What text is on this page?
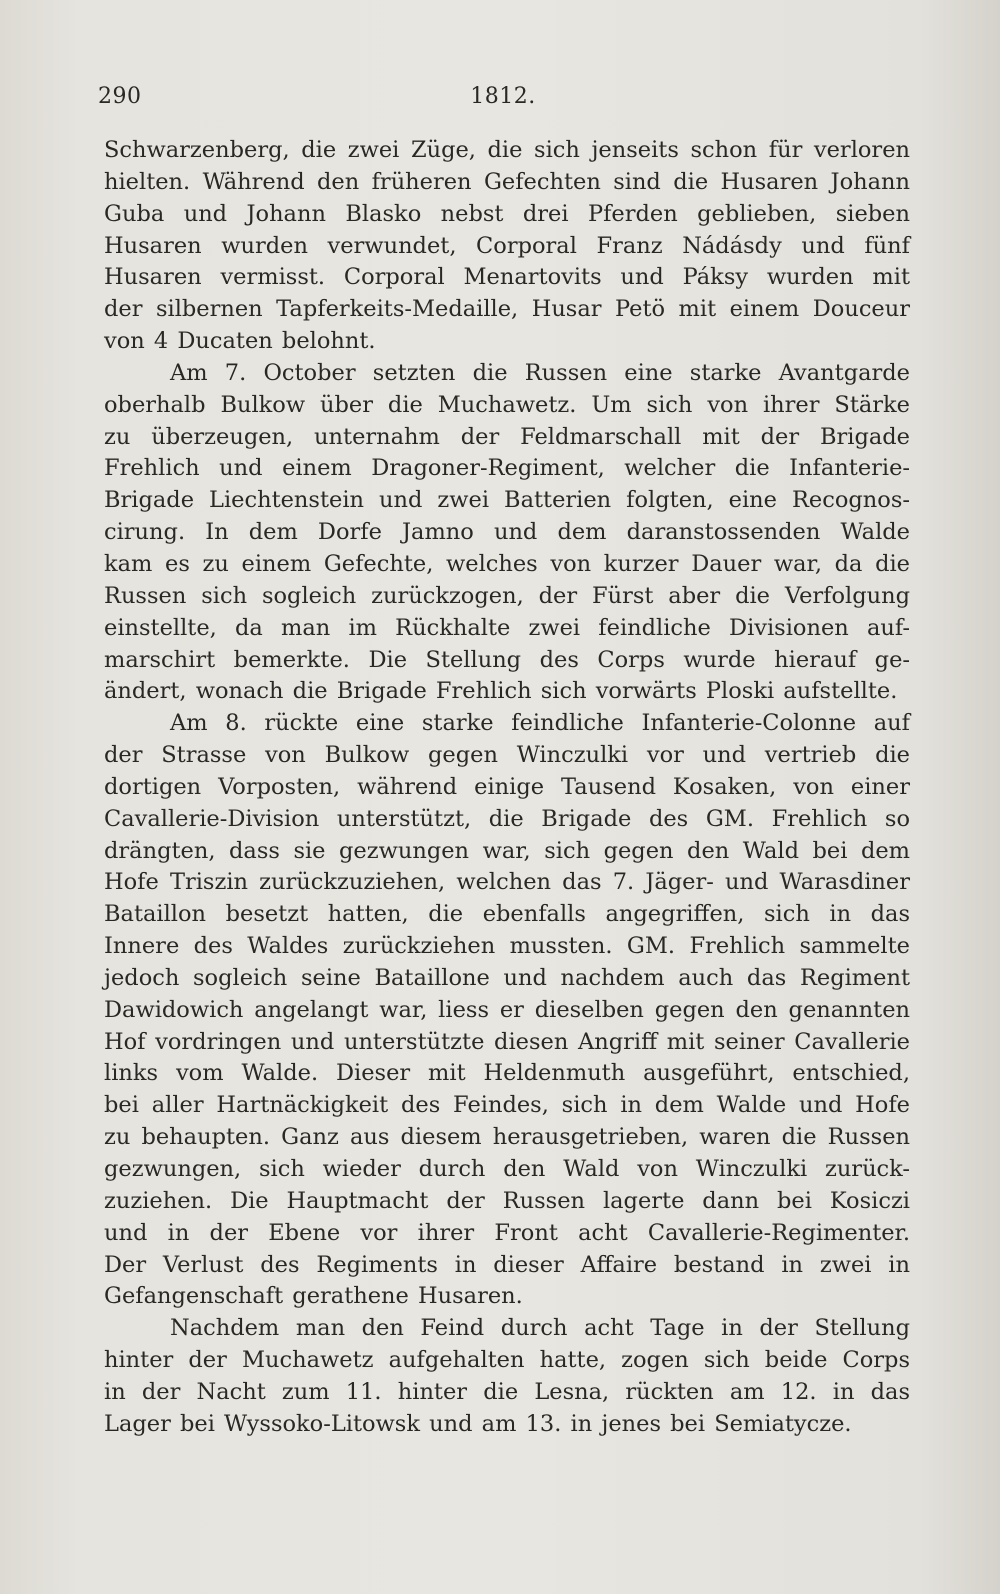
290	1812.
Schwarzenberg, die zwei Züge, die sich jenseits schon für verloren
hielten. Während den früheren Gefechten sind die Husaren Johann
Guba und Johann Blasko nebst drei Pferden geblieben, sieben
Husaren wurden verwundet, Corporal Franz Nádásdy und fünf
Husaren vermisst. Corporal Menartovits und Páksy wurden mit
der silbernen Tapferkeits-Medaille, Husar Petö mit einem Douceur
von 4 Ducaten belohnt.
Am 7. October setzten die Russen eine starke Avantgarde
oberhalb Bulkow über die Muchawetz. Um sich von ihrer Stärke
zu überzeugen, unternahm der Feldmarschall mit der Brigade
Frehlich und einem Dragoner-Regiment, welcher die Infanterie-
Brigade Liechtenstein und zwei Batterien folgten, eine Recognos-
cirung. In dem Dorfe Jamno und dem daranstossenden Walde
kam es zu einem Gefechte, welches von kurzer Dauer war, da die
Russen sich sogleich zurückzogen, der Fürst aber die Verfolgung
einstellte, da man im Rückhalte zwei feindliche Divisionen auf-
marschirt bemerkte. Die Stellung des Corps wurde hierauf ge-
ändert, wonach die Brigade Frehlich sich vorwärts Ploski aufstellte.
Am 8. rückte eine starke feindliche Infanterie-Colonne auf
der Strasse von Bulkow gegen Winczulki vor und vertrieb die
dortigen Vorposten, während einige Tausend Kosaken, von einer
Cavallerie-Division unterstützt, die Brigade des GM. Frehlich so
drängten, dass sie gezwungen war, sich gegen den Wald bei dem
Hofe Triszin zurückzuziehen, welchen das 7. Jäger- und Warasdiner
Bataillon besetzt hatten, die ebenfalls angegriffen, sich in das
Innere des Waldes zurückziehen mussten. GM. Frehlich sammelte
jedoch sogleich seine Bataillone und nachdem auch das Regiment
Dawidowich angelangt war, liess er dieselben gegen den genannten
Hof vordringen und unterstützte diesen Angriff mit seiner Cavallerie
links vom Walde. Dieser mit Heldenmuth ausgeführt, entschied,
bei aller Hartnäckigkeit des Feindes, sich in dem Walde und Hofe
zu behaupten. Ganz aus diesem herausgetrieben, waren die Russen
gezwungen, sich wieder durch den Wald von Winczulki zurück-
zuziehen. Die Hauptmacht der Russen lagerte dann bei Kosiczi
und in der Ebene vor ihrer Front acht Cavallerie-Regimenter.
Der Verlust des Regiments in dieser Affaire bestand in zwei in
Gefangenschaft gerathene Husaren.
Nachdem man den Feind durch acht Tage in der Stellung
hinter der Muchawetz aufgehalten hatte, zogen sich beide Corps
in der Nacht zum 11. hinter die Lesna, rückten am 12. in das
Lager bei Wyssoko-Litowsk und am 13. in jenes bei Semiatycze.
